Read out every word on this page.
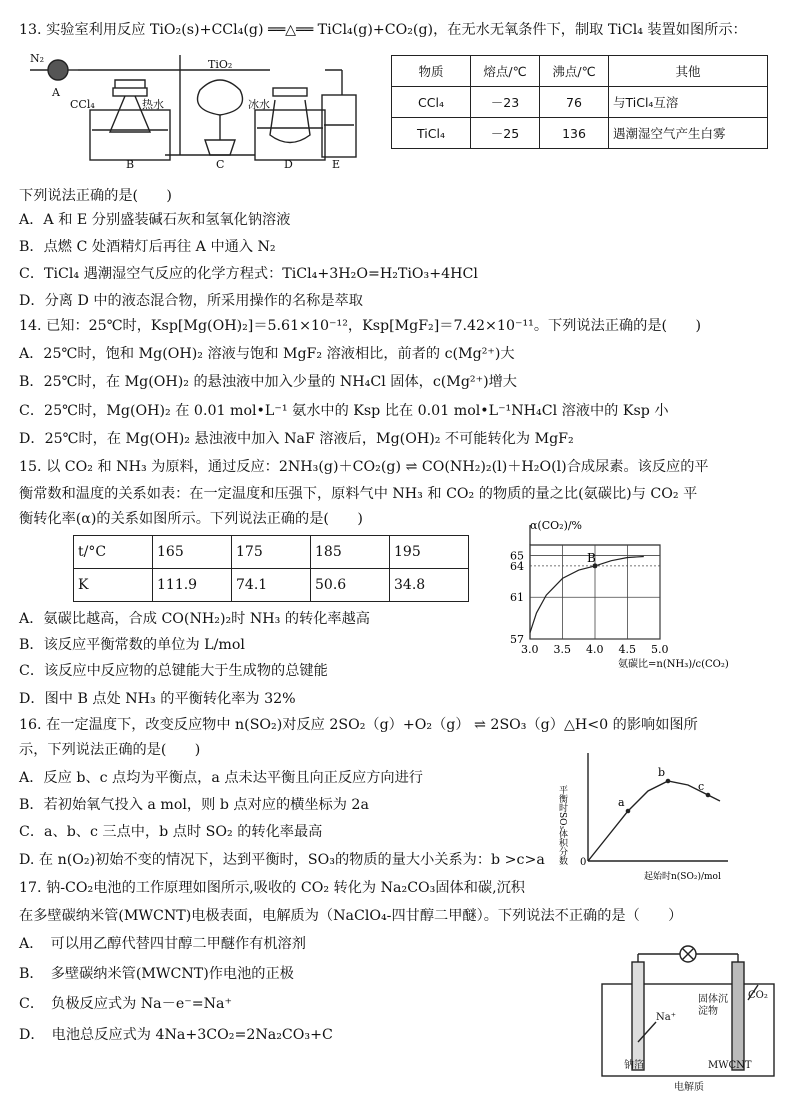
13. 实验室利用反应 TiO₂(s)+CCl₄(g) ══△══ TiCl₄(g)+CO₂(g)，在无水无氧条件下，制取 TiCl₄ 装置如图所示：
N₂
A
CCl₄
TiO₂
热水	冰水
B	C	D	E
物质	熔点/℃	沸点/℃	其他
CCl₄	－23	76	与TiCl₄互溶
TiCl₄	－25	136	遇潮湿空气产生白雾
下列说法正确的是(　　)
A．A 和 E 分别盛装碱石灰和氢氧化钠溶液
B．点燃 C 处酒精灯后再往 A 中通入 N₂
C．TiCl₄ 遇潮湿空气反应的化学方程式：TiCl₄+3H₂O=H₂TiO₃+4HCl
D．分离 D 中的液态混合物，所采用操作的名称是萃取
14. 已知：25℃时，Ksp[Mg(OH)₂]＝5.61×10⁻¹²，Ksp[MgF₂]＝7.42×10⁻¹¹。下列说法正确的是(　　)
A．25℃时，饱和 Mg(OH)₂ 溶液与饱和 MgF₂ 溶液相比，前者的 c(Mg²⁺)大
B．25℃时，在 Mg(OH)₂ 的悬浊液中加入少量的 NH₄Cl 固体，c(Mg²⁺)增大
C．25℃时，Mg(OH)₂ 在 0.01 mol•L⁻¹ 氨水中的 Ksp 比在 0.01 mol•L⁻¹NH₄Cl 溶液中的 Ksp 小
D．25℃时，在 Mg(OH)₂ 悬浊液中加入 NaF 溶液后，Mg(OH)₂ 不可能转化为 MgF₂
15. 以 CO₂ 和 NH₃ 为原料，通过反应：2NH₃(g)＋CO₂(g) ⇌ CO(NH₂)₂(l)＋H₂O(l)合成尿素。该反应的平
衡常数和温度的关系如表：在一定温度和压强下，原料气中 NH₃ 和 CO₂ 的物质的量之比(氨碳比)与 CO₂ 平
衡转化率(α)的关系如图所示。下列说法正确的是(　　)
t/°C	165	175	185	195
K	111.9	74.1	50.6	34.8
α(CO₂)/%
氨碳比=n(NH₃)/c(CO₂)
3.0 3.5 4.0 4.5 5.0
57
61
64
65	B
A．氨碳比越高，合成 CO(NH₂)₂时 NH₃ 的转化率越高
B．该反应平衡常数的单位为 L/mol
C．该反应中反应物的总键能大于生成物的总键能
D．图中 B 点处 NH₃ 的平衡转化率为 32%
16. 在一定温度下，改变反应物中 n(SO₂)对反应 2SO₂（g）+O₂（g） ⇌ 2SO₃（g）△H<0 的影响如图所
示，下列说法正确的是(　　)
A．反应 b、c 点均为平衡点，a 点未达平衡且向正反应方向进行
B．若初始氧气投入 a mol，则 b 点对应的横坐标为 2a
C．a、b、c 三点中，b 点时 SO₂ 的转化率最高
D. 在 n(O₂)初始不变的情况下，达到平衡时，SO₃的物质的量大小关系为：b >c>a 平衡时SO₃体积分数
起始时n(SO₂)/mol
0
a
b
c
17. 钠-CO₂电池的工作原理如图所示,吸收的 CO₂ 转化为 Na₂CO₃固体和碳,沉积
在多壁碳纳米管(MWCNT)电极表面，电解质为（NaClO₄-四甘醇二甲醚）。下列说法不正确的是（　　）
A．　可以用乙醇代替四甘醇二甲醚作有机溶剂
B．　多壁碳纳米管(MWCNT)作电池的正极
C．　负极反应式为 Na－e⁻=Na⁺
D．　电池总反应式为 4Na+3CO₂=2Na₂CO₃+C
CO₂
固体沉
淀物
Na⁺
钠箔	MWCNT
电解质
